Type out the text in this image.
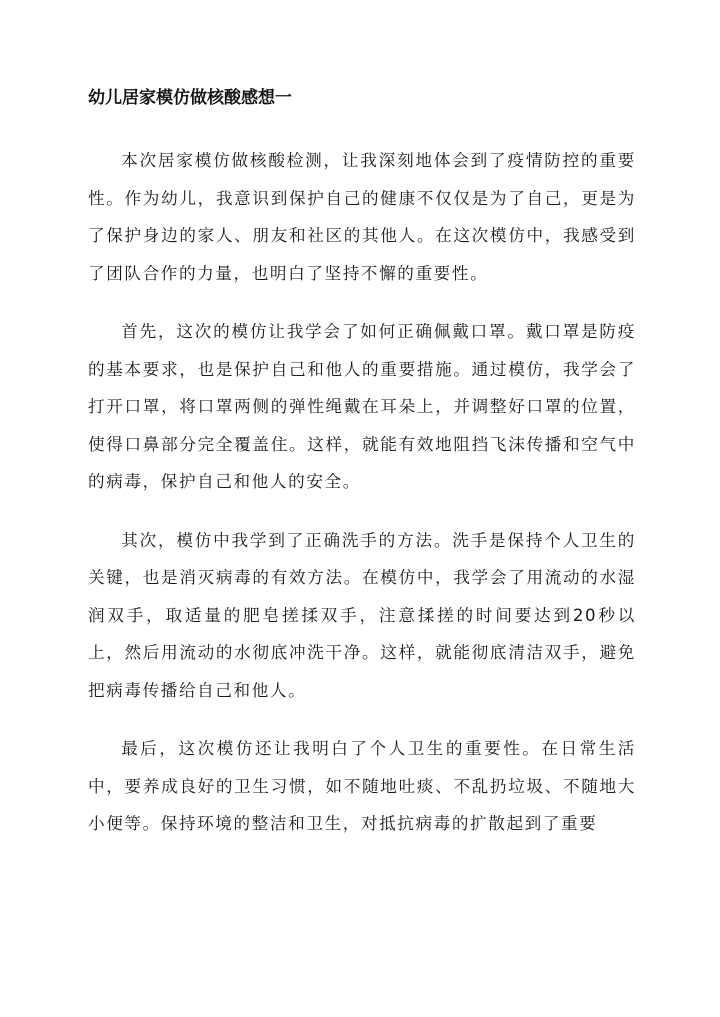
幼儿居家模仿做核酸感想一

本次居家模仿做核酸检测，让我深刻地体会到了疫情防控的重要性。作为幼儿，我意识到保护自己的健康不仅仅是为了自己，更是为了保护身边的家人、朋友和社区的其他人。在这次模仿中，我感受到了团队合作的力量，也明白了坚持不懈的重要性。

首先，这次的模仿让我学会了如何正确佩戴口罩。戴口罩是防疫的基本要求，也是保护自己和他人的重要措施。通过模仿，我学会了打开口罩，将口罩两侧的弹性绳戴在耳朵上，并调整好口罩的位置，使得口鼻部分完全覆盖住。这样，就能有效地阻挡飞沫传播和空气中的病毒，保护自己和他人的安全。

其次，模仿中我学到了正确洗手的方法。洗手是保持个人卫生的关键，也是消灭病毒的有效方法。在模仿中，我学会了用流动的水湿润双手，取适量的肥皂搓揉双手，注意揉搓的时间要达到20秒以上，然后用流动的水彻底冲洗干净。这样，就能彻底清洁双手，避免把病毒传播给自己和他人。

最后，这次模仿还让我明白了个人卫生的重要性。在日常生活中，要养成良好的卫生习惯，如不随地吐痰、不乱扔垃圾、不随地大小便等。保持环境的整洁和卫生，对抵抗病毒的扩散起到了重要
